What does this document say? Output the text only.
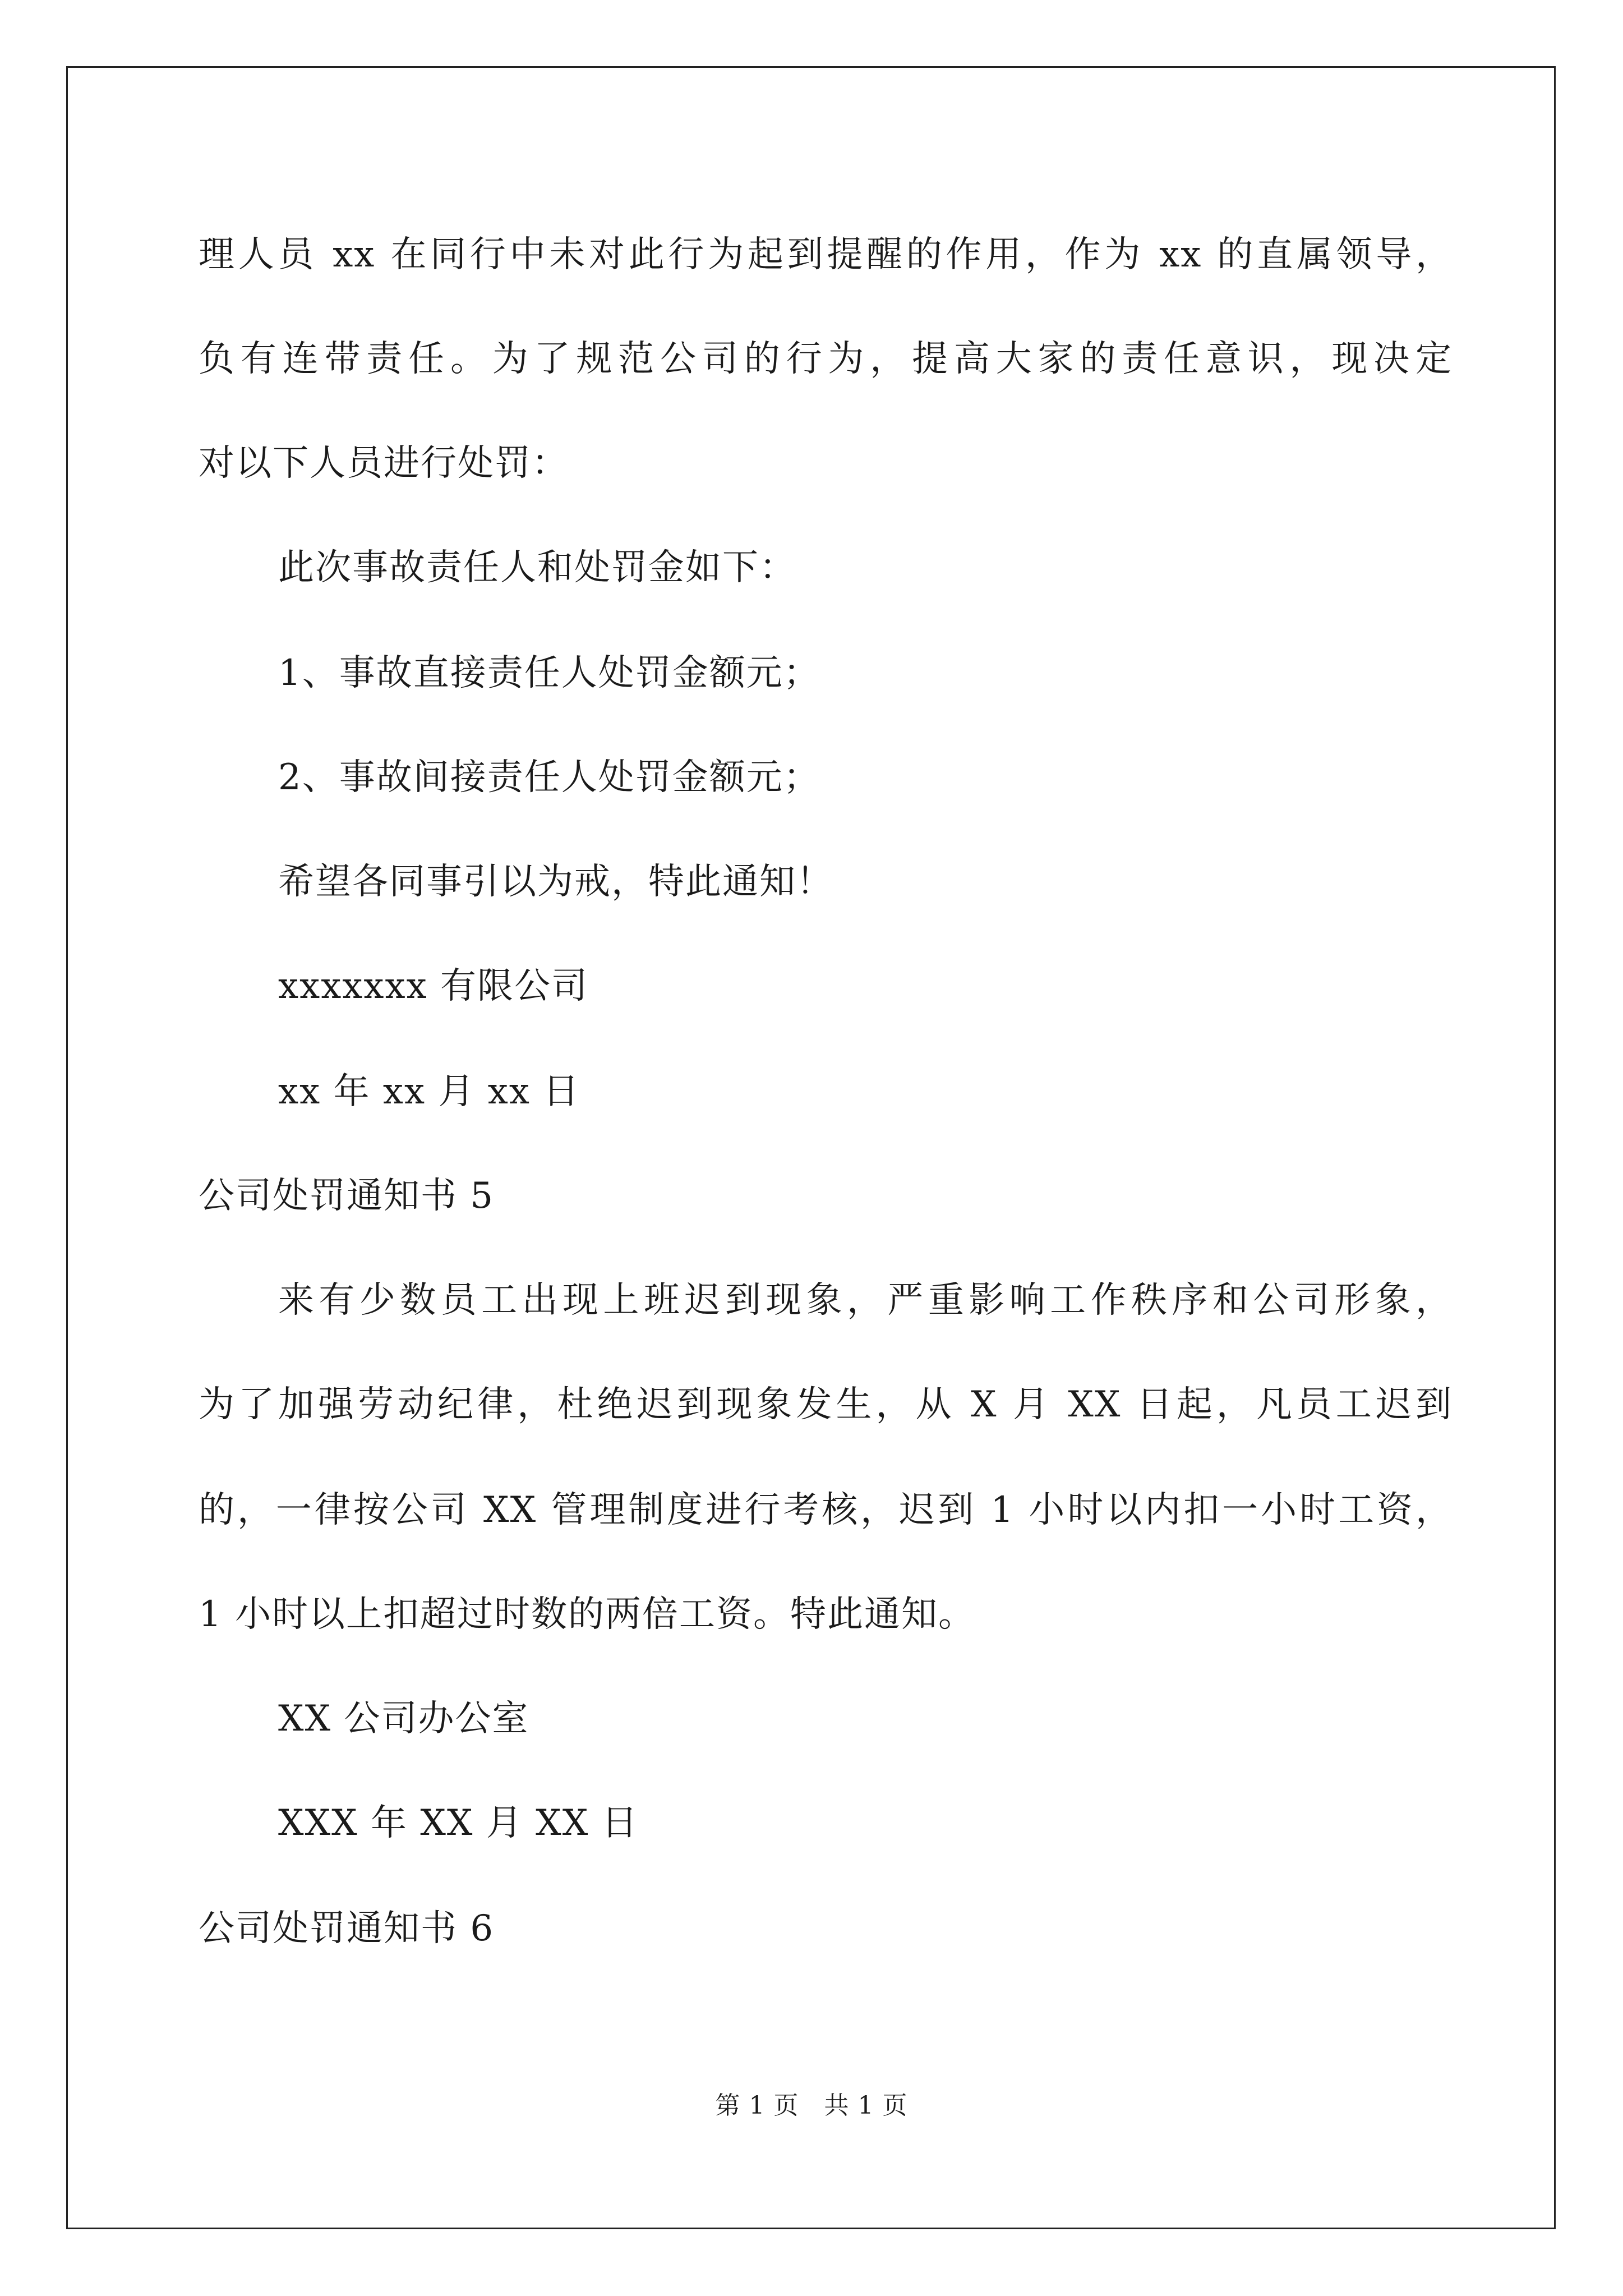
理人员 xx 在同行中未对此行为起到提醒的作用，作为 xx 的直属领导，
负有连带责任。为了规范公司的行为，提高大家的责任意识，现决定
对以下人员进行处罚：
此次事故责任人和处罚金如下：
1、事故直接责任人处罚金额元；
2、事故间接责任人处罚金额元；
希望各同事引以为戒，特此通知！
xxxxxxx 有限公司
xx 年 xx 月 xx 日
公司处罚通知书 5
来有少数员工出现上班迟到现象，严重影响工作秩序和公司形象，
为了加强劳动纪律，杜绝迟到现象发生，从 X 月 XX 日起，凡员工迟到
的，一律按公司 XX 管理制度进行考核，迟到 1 小时以内扣一小时工资，
1 小时以上扣超过时数的两倍工资。特此通知。
XX 公司办公室
XXX 年 XX 月 XX 日
公司处罚通知书 6
第 1 页　共 1 页
